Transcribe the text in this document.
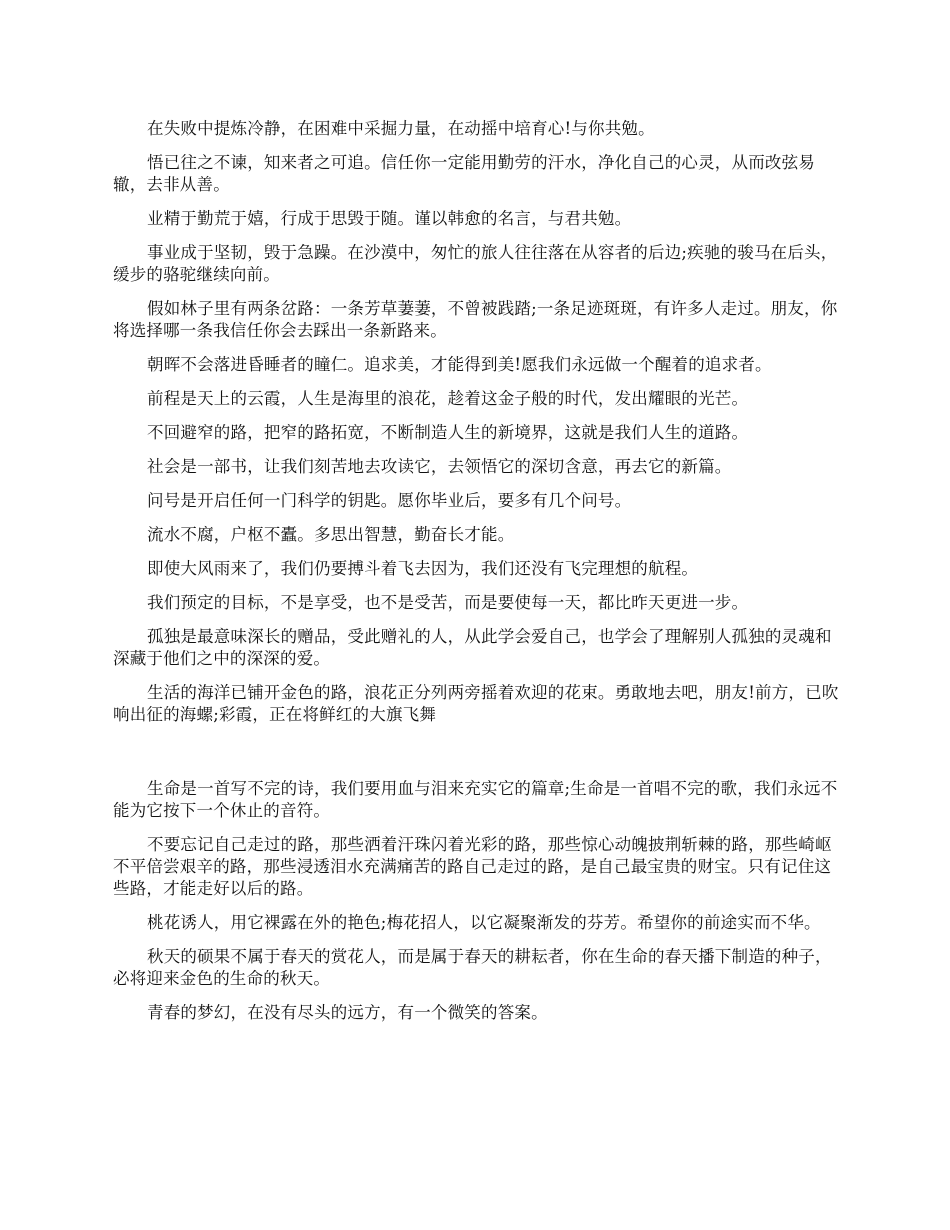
在失败中提炼冷静，在困难中采掘力量，在动摇中培育心!与你共勉。

悟已往之不谏，知来者之可追。信任你一定能用勤劳的汗水，净化自己的心灵，从而改弦易辙，去非从善。

业精于勤荒于嬉，行成于思毁于随。谨以韩愈的名言，与君共勉。

事业成于坚韧，毁于急躁。在沙漠中，匆忙的旅人往往落在从容者的后边;疾驰的骏马在后头，缓步的骆驼继续向前。

假如林子里有两条岔路：一条芳草萋萋，不曾被践踏;一条足迹斑斑，有许多人走过。朋友，你将选择哪一条我信任你会去踩出一条新路来。

朝晖不会落进昏睡者的瞳仁。追求美，才能得到美!愿我们永远做一个醒着的追求者。

前程是天上的云霞，人生是海里的浪花，趁着这金子般的时代，发出耀眼的光芒。

不回避窄的路，把窄的路拓宽，不断制造人生的新境界，这就是我们人生的道路。

社会是一部书，让我们刻苦地去攻读它，去领悟它的深切含意，再去它的新篇。

问号是开启任何一门科学的钥匙。愿你毕业后，要多有几个问号。

流水不腐，户枢不蠹。多思出智慧，勤奋长才能。

即使大风雨来了，我们仍要搏斗着飞去因为，我们还没有飞完理想的航程。

我们预定的目标，不是享受，也不是受苦，而是要使每一天，都比昨天更进一步。

孤独是最意味深长的赠品，受此赠礼的人，从此学会爱自己，也学会了理解别人孤独的灵魂和深藏于他们之中的深深的爱。

生活的海洋已铺开金色的路，浪花正分列两旁摇着欢迎的花束。勇敢地去吧，朋友!前方，已吹响出征的海螺;彩霞，正在将鲜红的大旗飞舞

生命是一首写不完的诗，我们要用血与泪来充实它的篇章;生命是一首唱不完的歌，我们永远不能为它按下一个休止的音符。

不要忘记自己走过的路，那些洒着汗珠闪着光彩的路，那些惊心动魄披荆斩棘的路，那些崎岖不平倍尝艰辛的路，那些浸透泪水充满痛苦的路自己走过的路，是自己最宝贵的财宝。只有记住这些路，才能走好以后的路。

桃花诱人，用它裸露在外的艳色;梅花招人，以它凝聚渐发的芬芳。希望你的前途实而不华。

秋天的硕果不属于春天的赏花人，而是属于春天的耕耘者，你在生命的春天播下制造的种子，必将迎来金色的生命的秋天。

青春的梦幻，在没有尽头的远方，有一个微笑的答案。
